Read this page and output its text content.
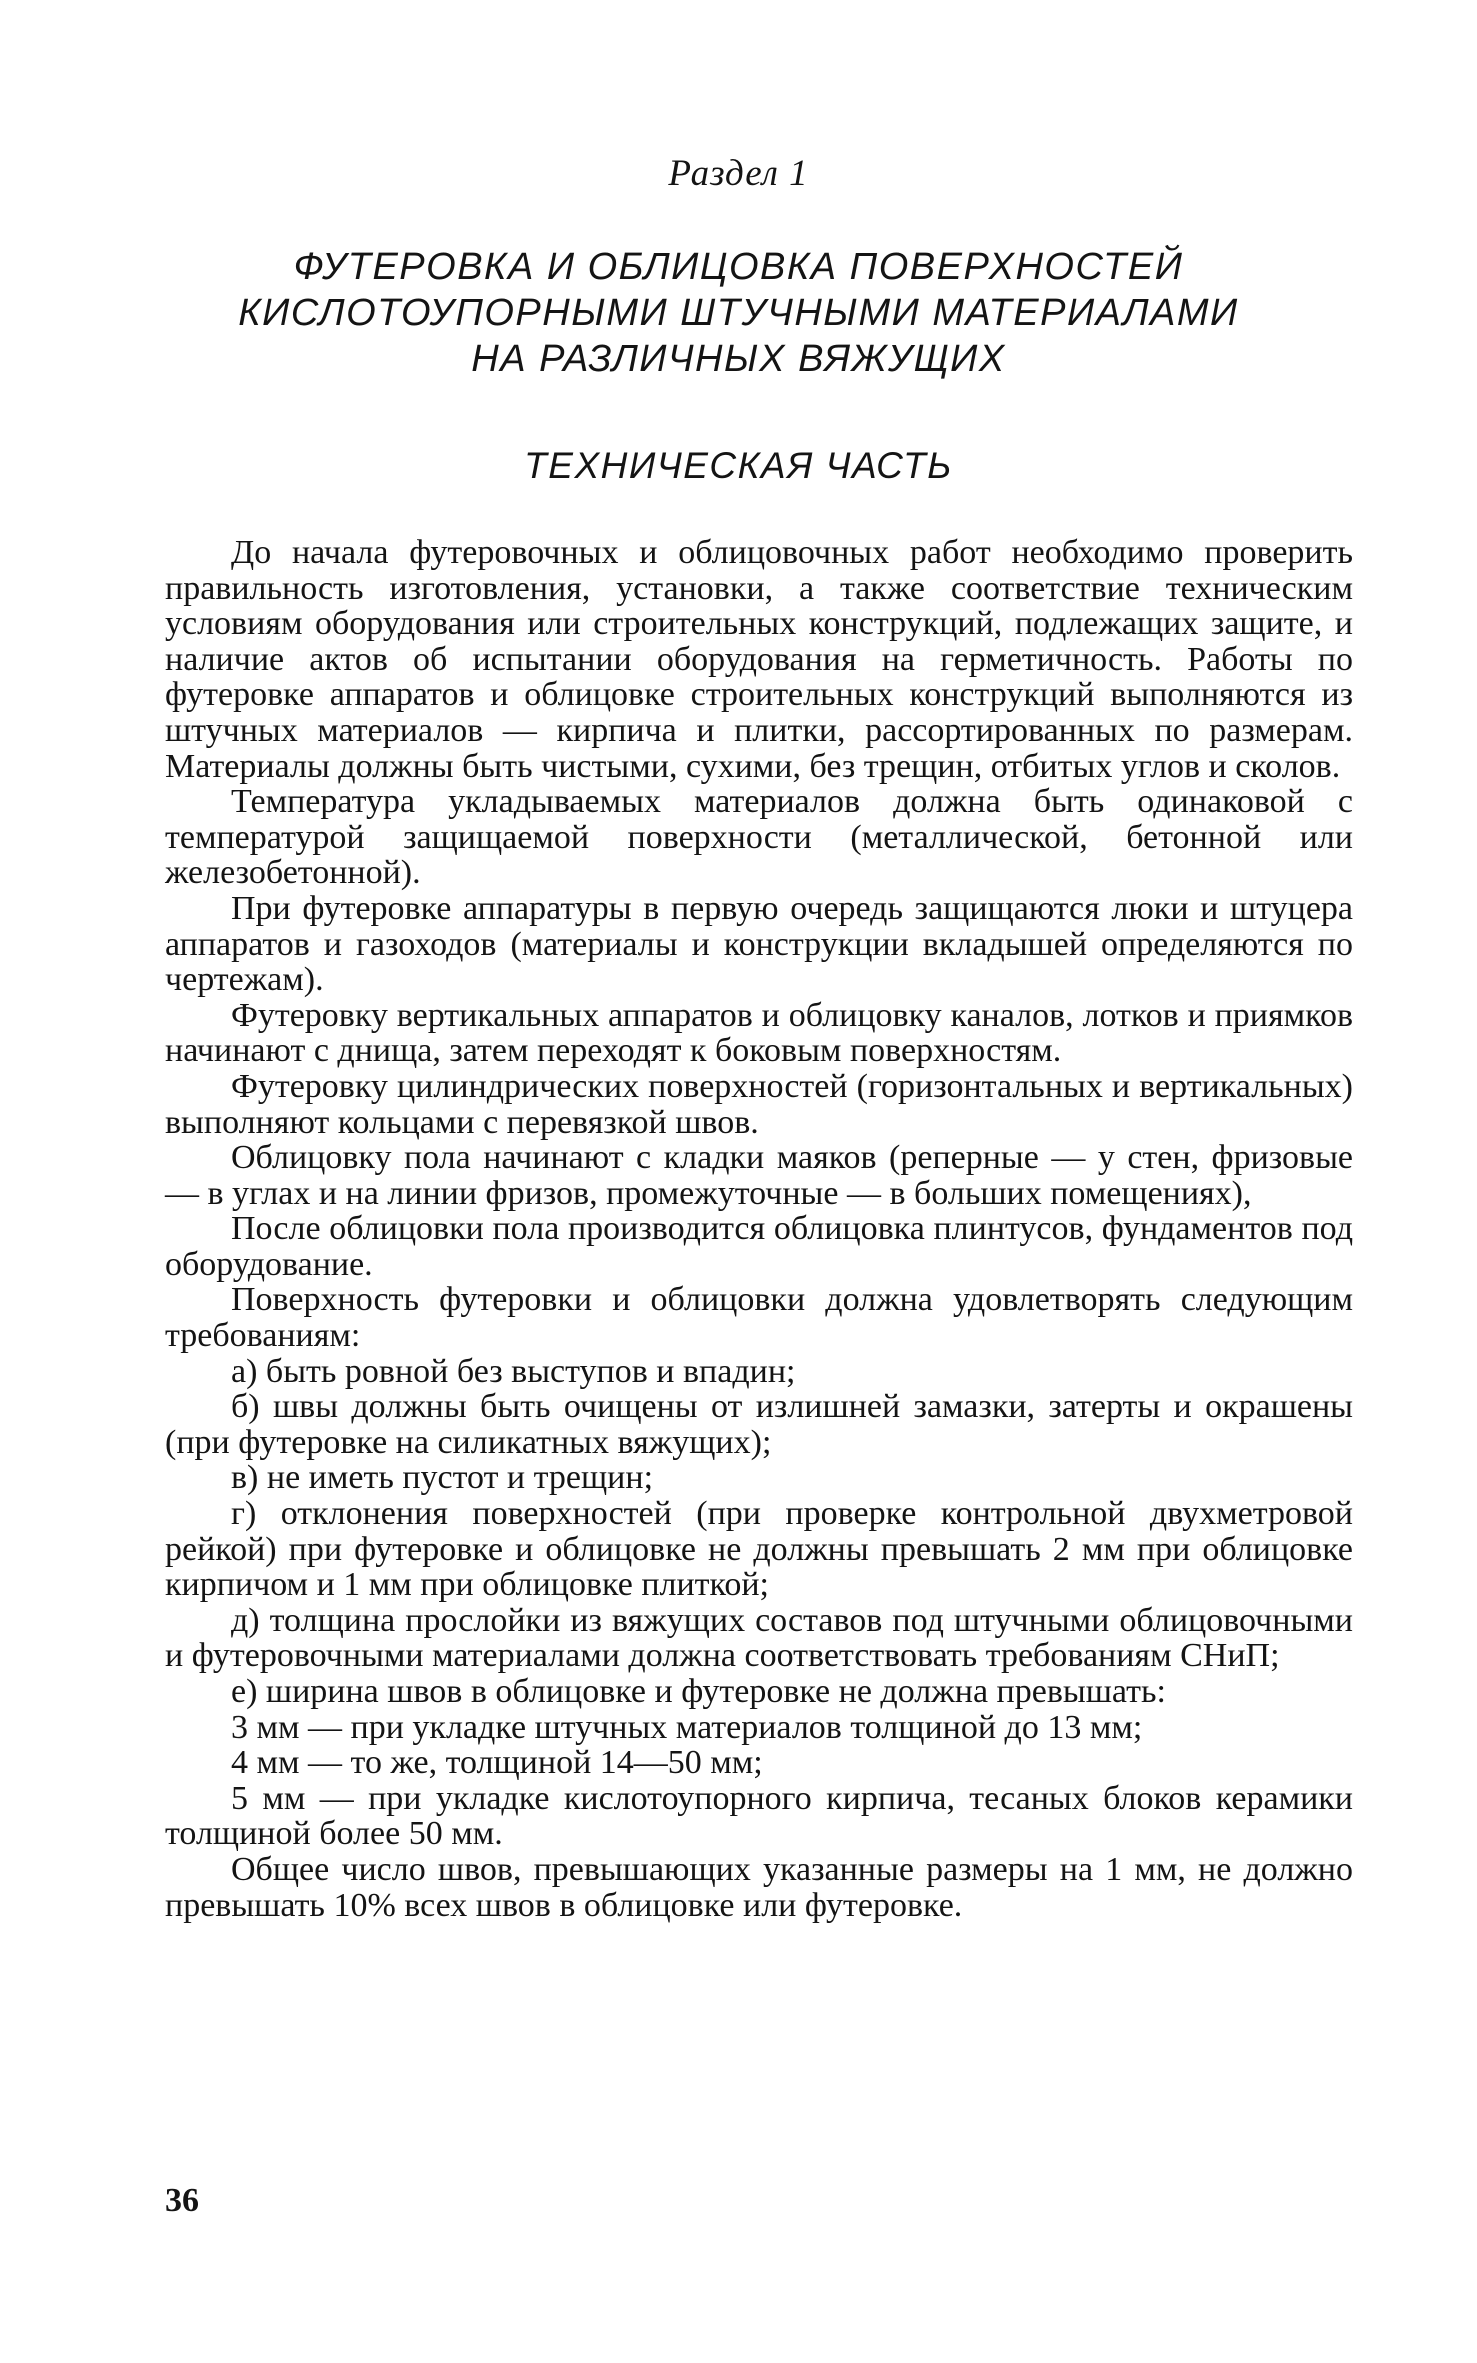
Раздел 1
ФУТЕРОВКА И ОБЛИЦОВКА ПОВЕРХНОСТЕЙ
КИСЛОТОУПОРНЫМИ ШТУЧНЫМИ МАТЕРИАЛАМИ
НА РАЗЛИЧНЫХ ВЯЖУЩИХ
ТЕХНИЧЕСКАЯ ЧАСТЬ

До начала футеровочных и облицовочных работ необходимо проверить правильность изготовления, установки, а также соответствие техническим условиям оборудования или строительных конструкций, подлежащих защите, и наличие актов об испытании оборудования на герметичность. Работы по футеровке аппаратов и облицовке строительных конструкций выполняются из штучных материалов — кирпича и плитки, рассортированных по размерам. Материалы должны быть чистыми, сухими, без трещин, отбитых углов и сколов.

Температура укладываемых материалов должна быть одинаковой с температурой защищаемой поверхности (металлической, бетонной или железобетонной).

При футеровке аппаратуры в первую очередь защищаются люки и штуцера аппаратов и газоходов (материалы и конструкции вкладышей определяются по чертежам).

Футеровку вертикальных аппаратов и облицовку каналов, лотков и приямков начинают с днища, затем переходят к боковым поверхностям.

Футеровку цилиндрических поверхностей (горизонтальных и вертикальных) выполняют кольцами с перевязкой швов.

Облицовку пола начинают с кладки маяков (реперные — у стен, фризовые — в углах и на линии фризов, промежуточные — в больших помещениях),

После облицовки пола производится облицовка плинтусов, фундаментов под оборудование.

Поверхность футеровки и облицовки должна удовлетворять следующим требованиям:

а) быть ровной без выступов и впадин;

б) швы должны быть очищены от излишней замазки, затерты и окрашены (при футеровке на силикатных вяжущих);

в) не иметь пустот и трещин;

г) отклонения поверхностей (при проверке контрольной двухметровой рейкой) при футеровке и облицовке не должны превышать 2 мм при облицовке кирпичом и 1 мм при облицовке плиткой;

д) толщина прослойки из вяжущих составов под штучными облицовочными и футеровочными материалами должна соответствовать требованиям СНиП;

е) ширина швов в облицовке и футеровке не должна превышать:

3 мм — при укладке штучных материалов толщиной до 13 мм;

4 мм — то же, толщиной 14—50 мм;

5 мм — при укладке кислотоупорного кирпича, тесаных блоков керамики толщиной более 50 мм.

Общее число швов, превышающих указанные размеры на 1 мм, не должно превышать 10% всех швов в облицовке или футеровке.

36
